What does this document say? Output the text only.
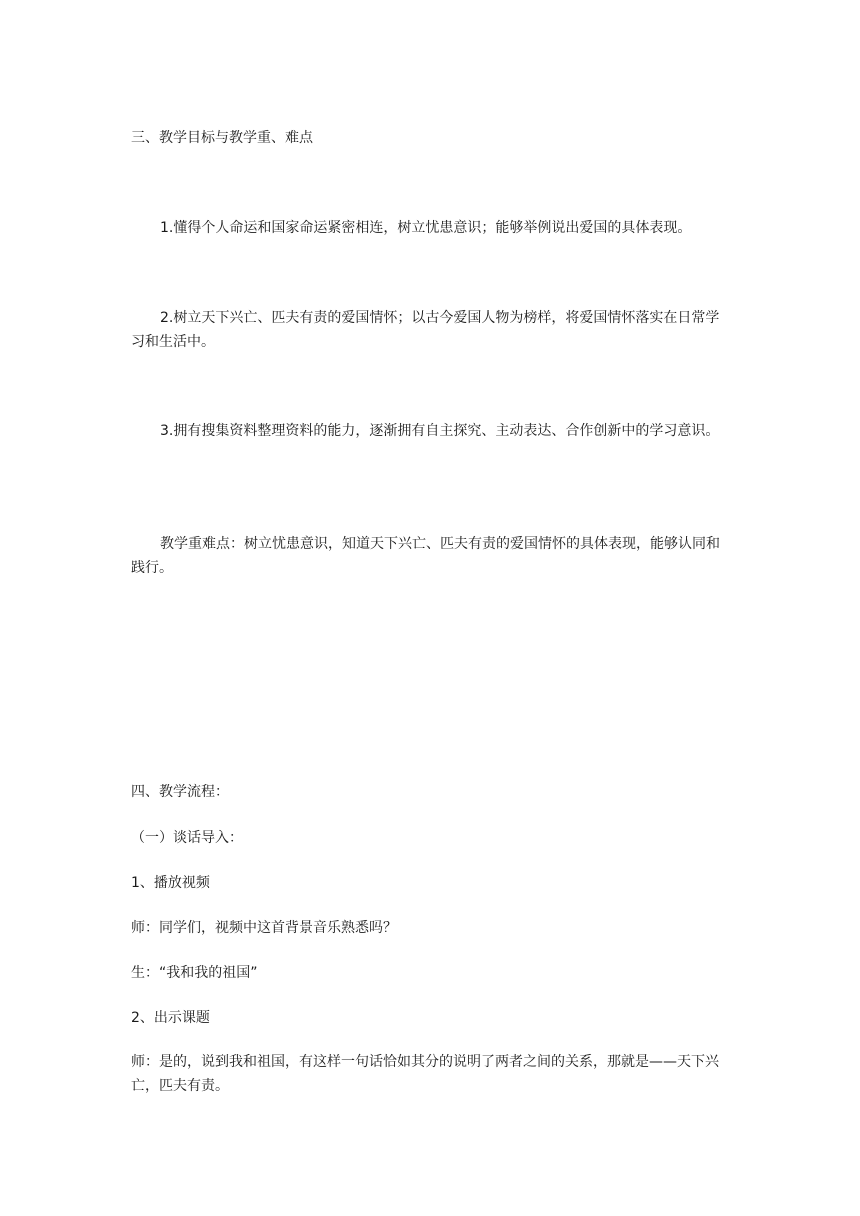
三、教学目标与教学重、难点

1.懂得个人命运和国家命运紧密相连，树立忧患意识；能够举例说出爱国的具体表现。

2.树立天下兴亡、匹夫有责的爱国情怀；以古今爱国人物为榜样，将爱国情怀落实在日常学习和生活中。

3.拥有搜集资料整理资料的能力，逐渐拥有自主探究、主动表达、合作创新中的学习意识。

教学重难点：树立忧患意识，知道天下兴亡、匹夫有责的爱国情怀的具体表现，能够认同和践行。

四、教学流程：

（一）谈话导入：

1、播放视频

师：同学们，视频中这首背景音乐熟悉吗？

生：“我和我的祖国”

2、出示课题

师：是的，说到我和祖国，有这样一句话恰如其分的说明了两者之间的关系，那就是——天下兴亡，匹夫有责。
